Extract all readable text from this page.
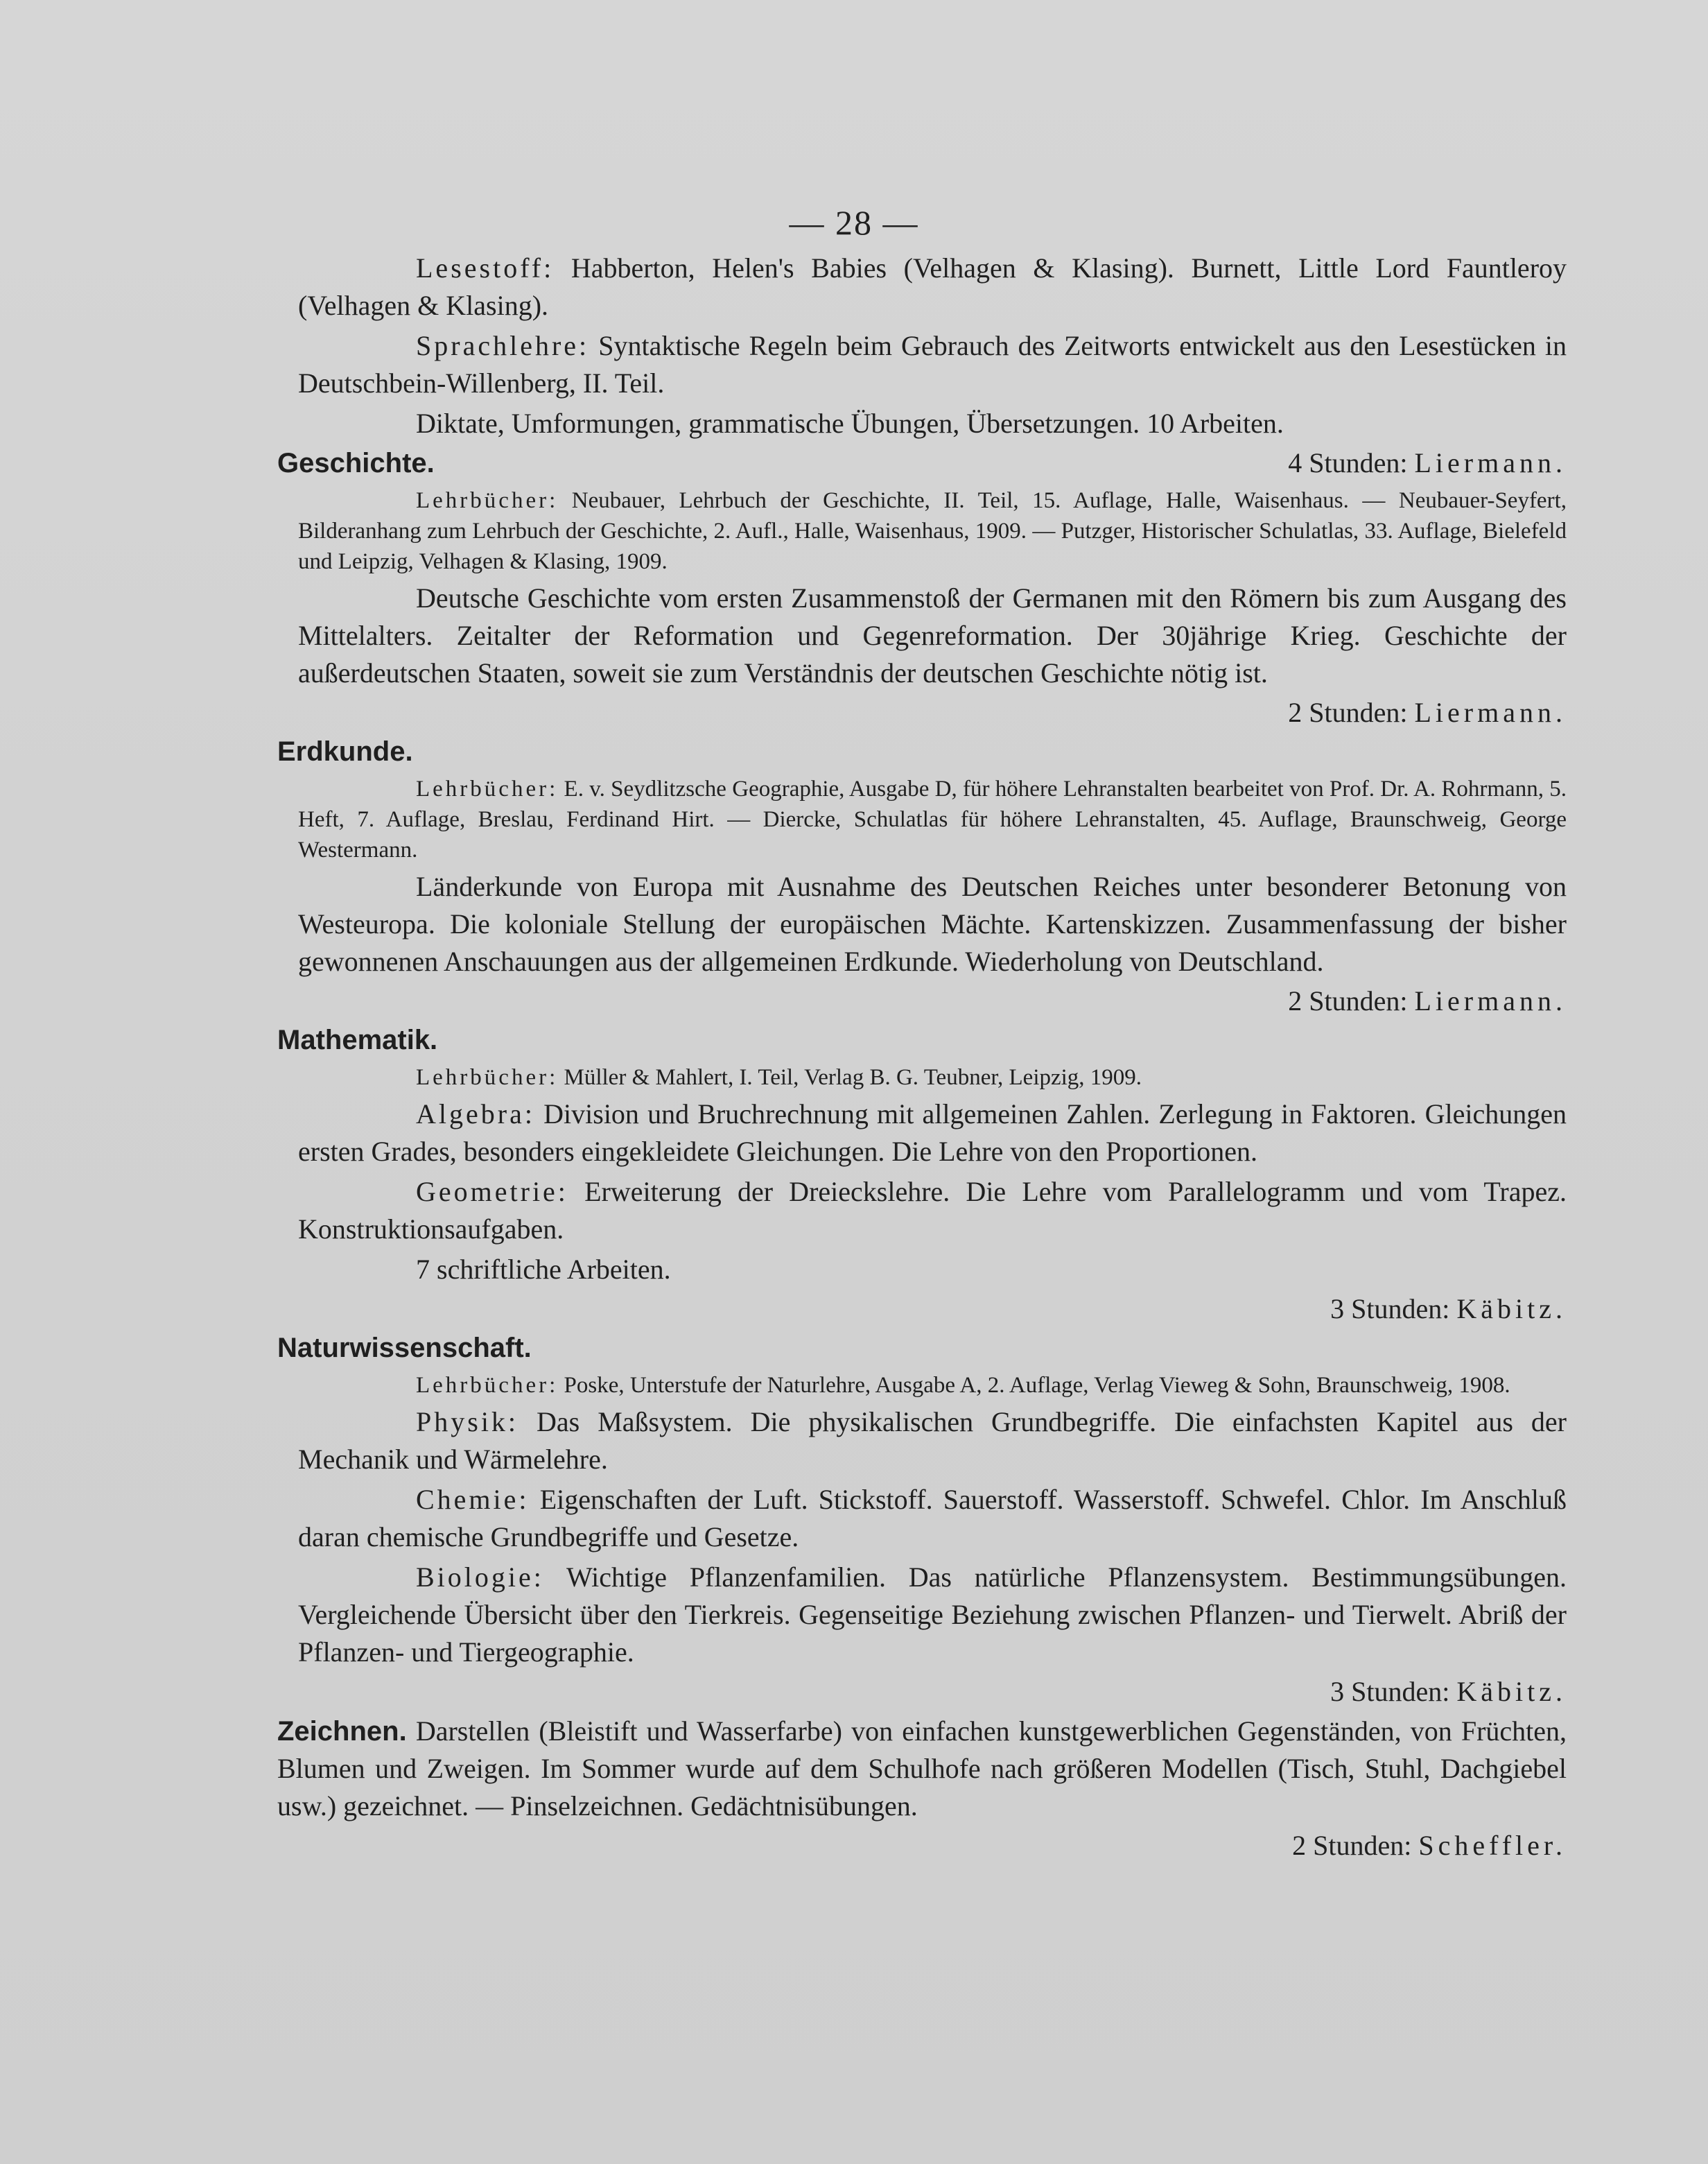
— 28 —

Lesestoff: Habberton, Helen's Babies (Velhagen & Klasing). Burnett, Little Lord Fauntleroy (Velhagen & Klasing).

Sprachlehre: Syntaktische Regeln beim Gebrauch des Zeitworts entwickelt aus den Lesestücken in Deutschbein-Willenberg, II. Teil.

Diktate, Umformungen, grammatische Übungen, Übersetzungen. 10 Arbeiten.

Geschichte.	4 Stunden: Liermann.

Lehrbücher: Neubauer, Lehrbuch der Geschichte, II. Teil, 15. Auflage, Halle, Waisenhaus. — Neubauer-Seyfert, Bilderanhang zum Lehrbuch der Geschichte, 2. Aufl., Halle, Waisenhaus, 1909. — Putzger, Historischer Schulatlas, 33. Auflage, Bielefeld und Leipzig, Velhagen & Klasing, 1909.

Deutsche Geschichte vom ersten Zusammenstoß der Germanen mit den Römern bis zum Ausgang des Mittelalters. Zeitalter der Reformation und Gegenreformation. Der 30jährige Krieg. Geschichte der außerdeutschen Staaten, soweit sie zum Verständnis der deutschen Geschichte nötig ist.

2 Stunden: Liermann.
Erdkunde.

Lehrbücher: E. v. Seydlitzsche Geographie, Ausgabe D, für höhere Lehranstalten bearbeitet von Prof. Dr. A. Rohrmann, 5. Heft, 7. Auflage, Breslau, Ferdinand Hirt. — Diercke, Schulatlas für höhere Lehranstalten, 45. Auflage, Braunschweig, George Westermann.

Länderkunde von Europa mit Ausnahme des Deutschen Reiches unter besonderer Betonung von Westeuropa. Die koloniale Stellung der europäischen Mächte. Kartenskizzen. Zusammenfassung der bisher gewonnenen Anschauungen aus der allgemeinen Erdkunde. Wiederholung von Deutschland.

2 Stunden: Liermann.
Mathematik.

Lehrbücher: Müller & Mahlert, I. Teil, Verlag B. G. Teubner, Leipzig, 1909.

Algebra: Division und Bruchrechnung mit allgemeinen Zahlen. Zerlegung in Faktoren. Gleichungen ersten Grades, besonders eingekleidete Gleichungen. Die Lehre von den Proportionen.

Geometrie: Erweiterung der Dreieckslehre. Die Lehre vom Parallelogramm und vom Trapez. Konstruktionsaufgaben.

7 schriftliche Arbeiten.

3 Stunden: Käbitz.
Naturwissenschaft.

Lehrbücher: Poske, Unterstufe der Naturlehre, Ausgabe A, 2. Auflage, Verlag Vieweg & Sohn, Braunschweig, 1908.

Physik: Das Maßsystem. Die physikalischen Grundbegriffe. Die einfachsten Kapitel aus der Mechanik und Wärmelehre.

Chemie: Eigenschaften der Luft. Stickstoff. Sauerstoff. Wasserstoff. Schwefel. Chlor. Im Anschluß daran chemische Grundbegriffe und Gesetze.

Biologie: Wichtige Pflanzenfamilien. Das natürliche Pflanzensystem. Bestimmungsübungen. Vergleichende Übersicht über den Tierkreis. Gegenseitige Beziehung zwischen Pflanzen- und Tierwelt. Abriß der Pflanzen- und Tiergeographie.

3 Stunden: Käbitz.

Zeichnen. Darstellen (Bleistift und Wasserfarbe) von einfachen kunstgewerblichen Gegenständen, von Früchten, Blumen und Zweigen. Im Sommer wurde auf dem Schulhofe nach größeren Modellen (Tisch, Stuhl, Dachgiebel usw.) gezeichnet. — Pinselzeichnen. Gedächtnisübungen.

2 Stunden: Scheffler.
